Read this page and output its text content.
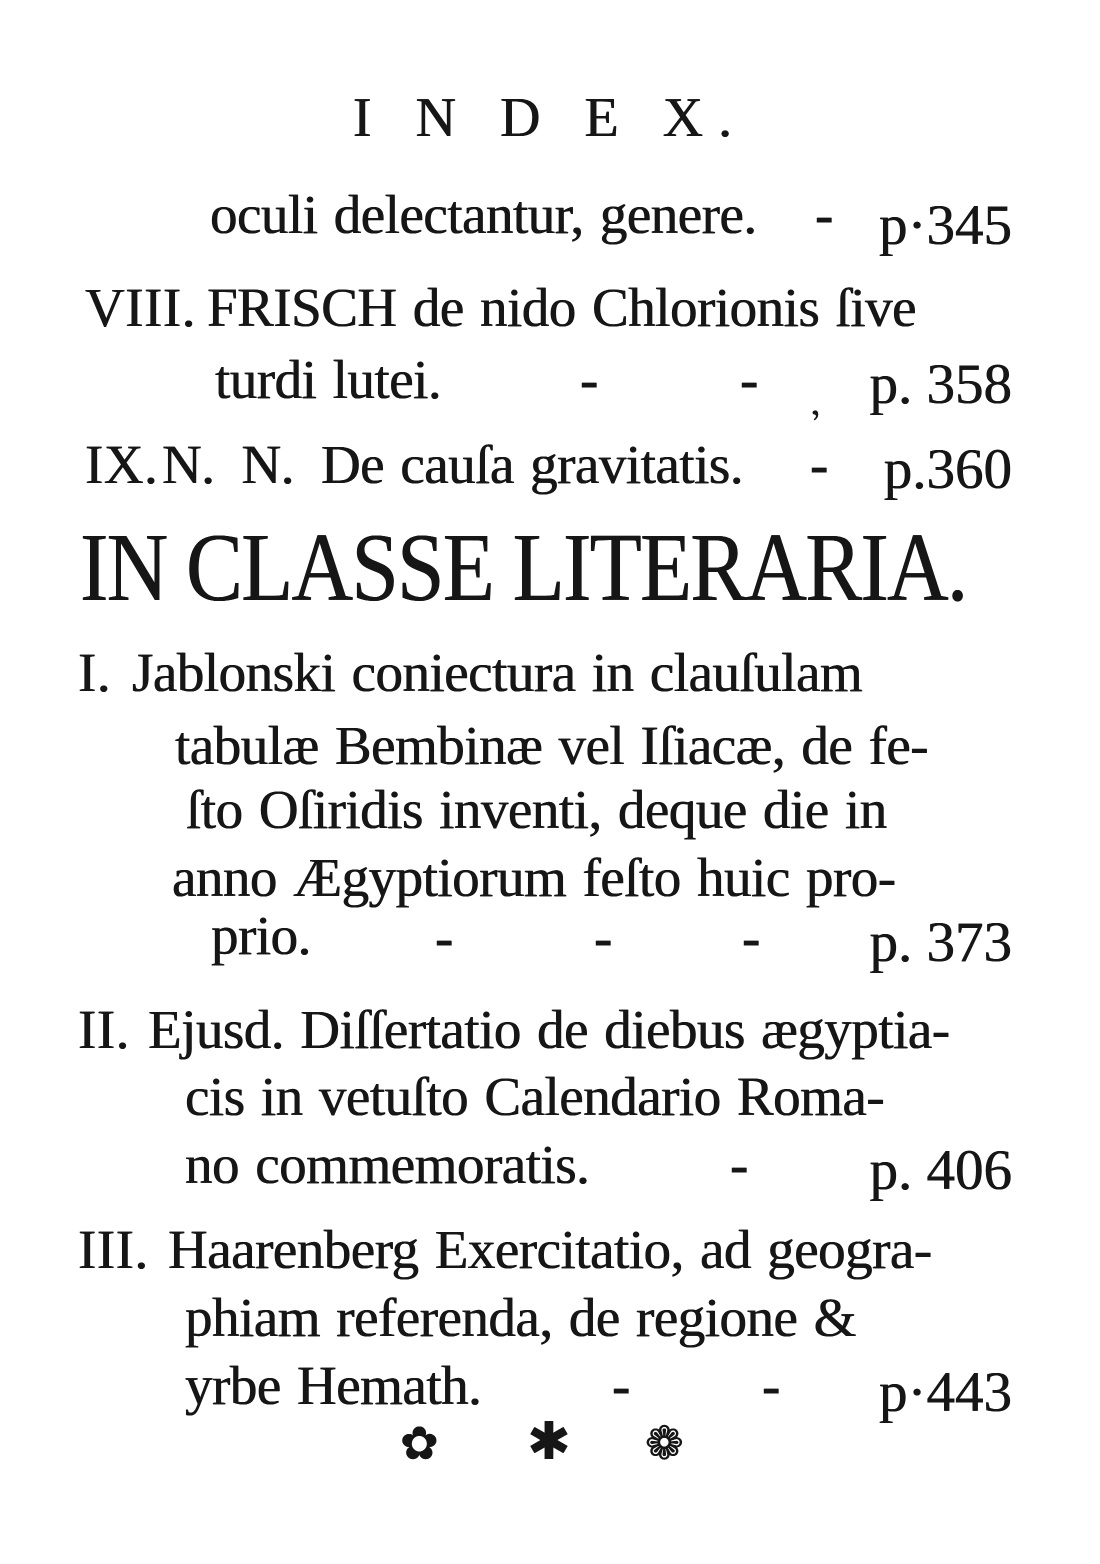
I N D E X.
oculi delectantur, genere. - p·345
VIII. FRISCH de nido Chlorionis ſive
turdi lutei.	-	- p. 358
ʼ
IX. N. N. De cauſa gravitatis. - p.360
IN CLASSE LITERARIA.
I. Jablonski coniectura in clauſulam
tabulæ Bembinæ vel Iſiacæ, de fe-
ſto Oſiridis inventi, deque die in
anno Ægyptiorum feſto huic pro-
prio. -	- - p. 373
II. Ejusd. Diſſertatio de diebus ægyptia-
cis in vetuſto Calendario Roma-
no commemoratis.	- p. 406
III. Haarenberg Exercitatio, ad geogra-
phiam referenda, de regione &
yrbe Hemath. - - p·443
✿ ✱ ❁
